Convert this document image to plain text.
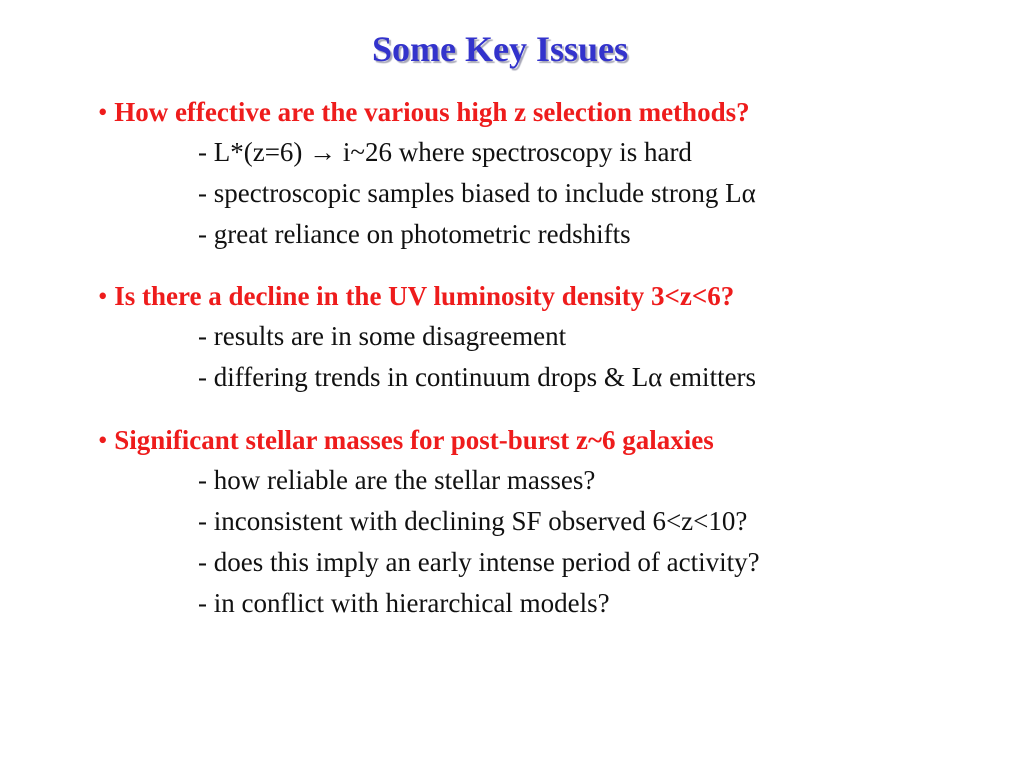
Some Key Issues
• How effective are the various high z selection methods?
- L*(z=6) → i~26 where spectroscopy is hard
- spectroscopic samples biased to include strong Lα
- great reliance on photometric redshifts
• Is there a decline in the UV luminosity density 3<z<6?
- results are in some disagreement
- differing trends in continuum drops & Lα emitters
• Significant stellar masses for post-burst z~6 galaxies
- how reliable are the stellar masses?
- inconsistent with declining SF observed 6<z<10?
- does this imply an early intense period of activity?
- in conflict with hierarchical models?
